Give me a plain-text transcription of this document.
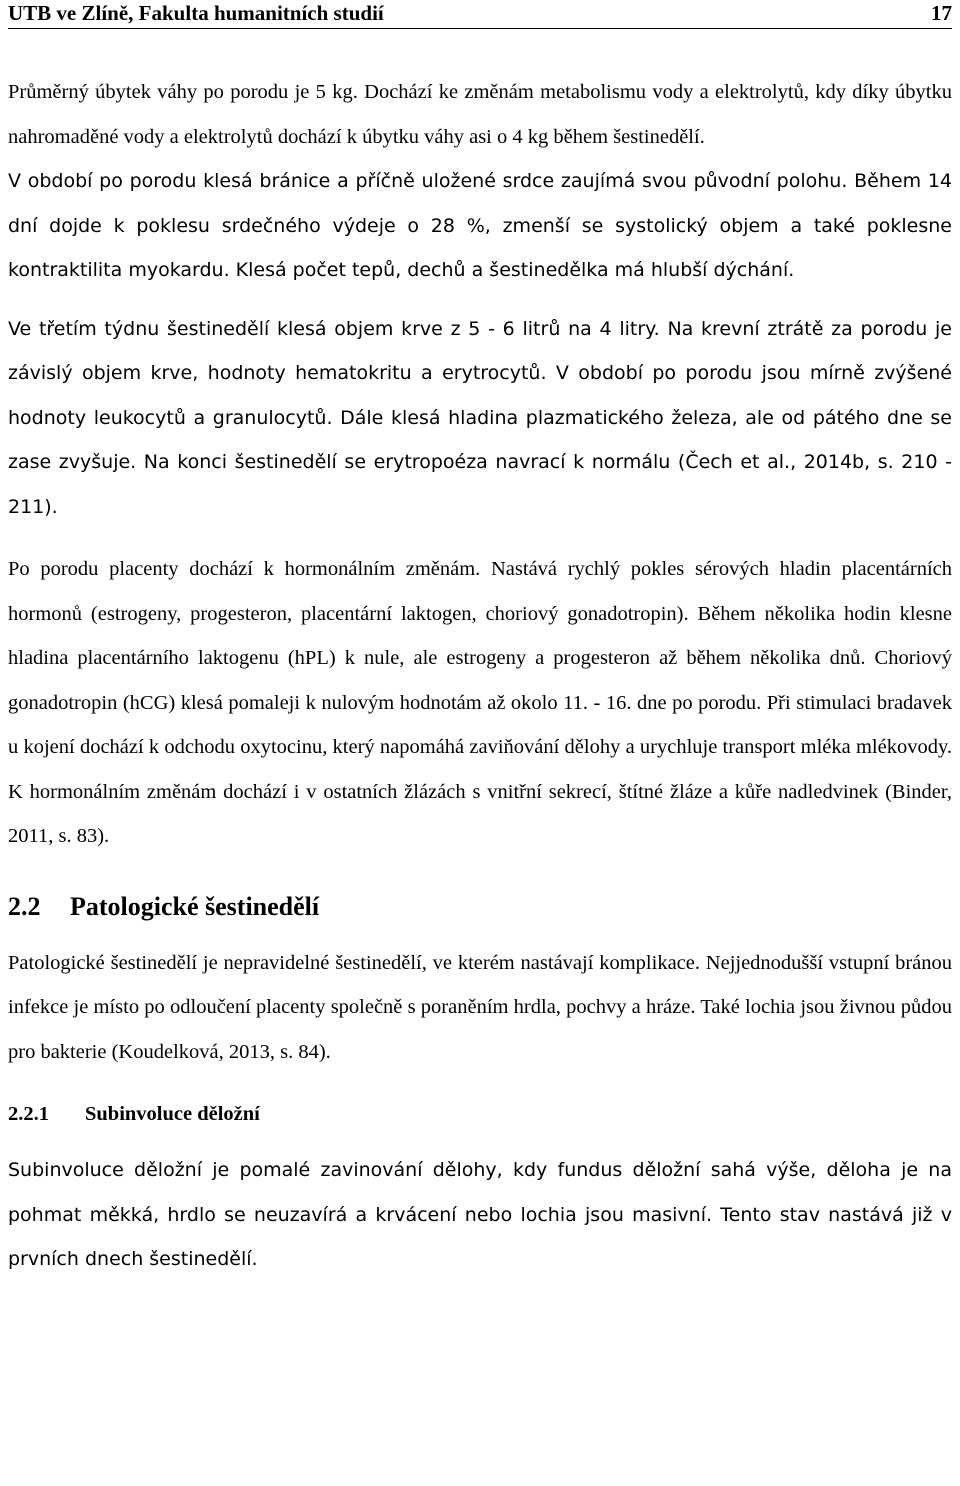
UTB ve Zlíně, Fakulta humanitních studií	17

Průměrný úbytek váhy po porodu je 5 kg. Dochází ke změnám metabolismu vody a elektrolytů, kdy díky úbytku nahromaděné vody a elektrolytů dochází k úbytku váhy asi o 4 kg během šestinedělí.

V období po porodu klesá bránice a příčně uložené srdce zaujímá svou původní polohu. Během 14 dní dojde k poklesu srdečného výdeje o 28 %, zmenší se systolický objem a také poklesne kontraktilita myokardu. Klesá počet tepů, dechů a šestinedělka má hlubší dýchání.

Ve třetím týdnu šestinedělí klesá objem krve z 5 - 6 litrů na 4 litry. Na krevní ztrátě za porodu je závislý objem krve, hodnoty hematokritu a erytrocytů. V období po porodu jsou mírně zvýšené hodnoty leukocytů a granulocytů. Dále klesá hladina plazmatického železa, ale od pátého dne se zase zvyšuje. Na konci šestinedělí se erytropoéza navrací k normálu (Čech et al., 2014b, s. 210 - 211).

Po porodu placenty dochází k hormonálním změnám. Nastává rychlý pokles sérových hladin placentárních hormonů (estrogeny, progesteron, placentární laktogen, choriový gonadotropin). Během několika hodin klesne hladina placentárního laktogenu (hPL) k nule, ale estrogeny a progesteron až během několika dnů. Choriový gonadotropin (hCG) klesá pomaleji k nulovým hodnotám až okolo 11. - 16. dne po porodu. Při stimulaci bradavek u kojení dochází k odchodu oxytocinu, který napomáhá zaviňování dělohy a urychluje transport mléka mlékovody. K hormonálním změnám dochází i v ostatních žlázách s vnitřní sekrecí, štítné žláze a kůře nadledvinek (Binder, 2011, s. 83).

2.2 Patologické šestinedělí

Patologické šestinedělí je nepravidelné šestinedělí, ve kterém nastávají komplikace. Nejjednodušší vstupní bránou infekce je místo po odloučení placenty společně s poraněním hrdla, pochvy a hráze. Také lochia jsou živnou půdou pro bakterie (Koudelková, 2013, s. 84).

2.2.1 Subinvoluce děložní

Subinvoluce děložní je pomalé zavinování dělohy, kdy fundus děložní sahá výše, děloha je na pohmat měkká, hrdlo se neuzavírá a krvácení nebo lochia jsou masivní. Tento stav nastává již v prvních dnech šestinedělí.
